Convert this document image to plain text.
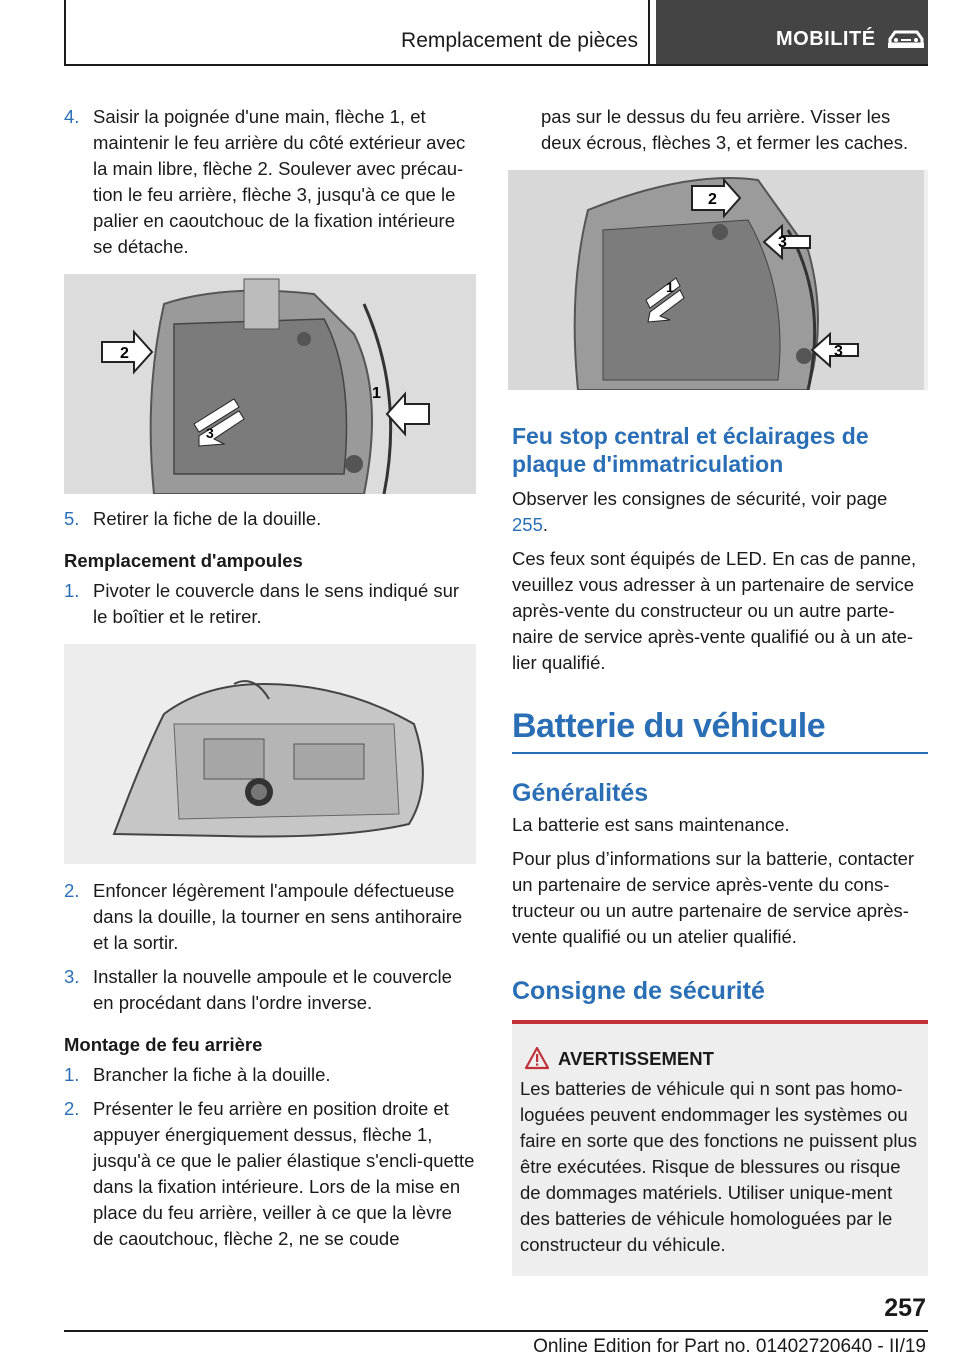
Remplacement de pièces	MOBILITÉ
4. Saisir la poignée d'une main, flèche 1, et maintenir le feu arrière du côté extérieur avec la main libre, flèche 2. Soulever avec précau‐tion le feu arrière, flèche 3, jusqu'à ce que le palier en caoutchouc de la fixation intérieure se détache.
2
1
3
5. Retirer la fiche de la douille.

Remplacement d'ampoules

1. Pivoter le couvercle dans le sens indiqué sur le boîtier et le retirer.
2. Enfoncer légèrement l'ampoule défectueuse dans la douille, la tourner en sens antihoraire et la sortir.
3. Installer la nouvelle ampoule et le couvercle en procédant dans l'ordre inverse.

Montage de feu arrière

1. Brancher la fiche à la douille.
2. Présenter le feu arrière en position droite et appuyer énergiquement dessus, flèche 1, jusqu'à ce que le palier élastique s'encli‐quette dans la fixation intérieure. Lors de la mise en place du feu arrière, veiller à ce que la lèvre de caoutchouc, flèche 2, ne se coude

pas sur le dessus du feu arrière. Visser les deux écrous, flèches 3, et fermer les caches.

2
3
1
3
Feu stop central et éclairages de plaque d'immatriculation

Observer les consignes de sécurité, voir page 255.

Ces feux sont équipés de LED. En cas de panne, veuillez vous adresser à un partenaire de service après-vente du constructeur ou un autre parte‐naire de service après-vente qualifié ou à un ate‐lier qualifié.

Batterie du véhicule
Généralités

La batterie est sans maintenance.

Pour plus d’informations sur la batterie, contacter un partenaire de service après-vente du cons‐tructeur ou un autre partenaire de service après-vente qualifié ou un atelier qualifié.

Consigne de sécurité
AVERTISSEMENT

Les batteries de véhicule qui n sont pas homo‐loguées peuvent endommager les systèmes ou faire en sorte que des fonctions ne puissent plus être exécutées. Risque de blessures ou risque de dommages matériels. Utiliser unique‐ment des batteries de véhicule homologuées par le constructeur du véhicule.

257
Online Edition for Part no. 01402720640 - II/19
